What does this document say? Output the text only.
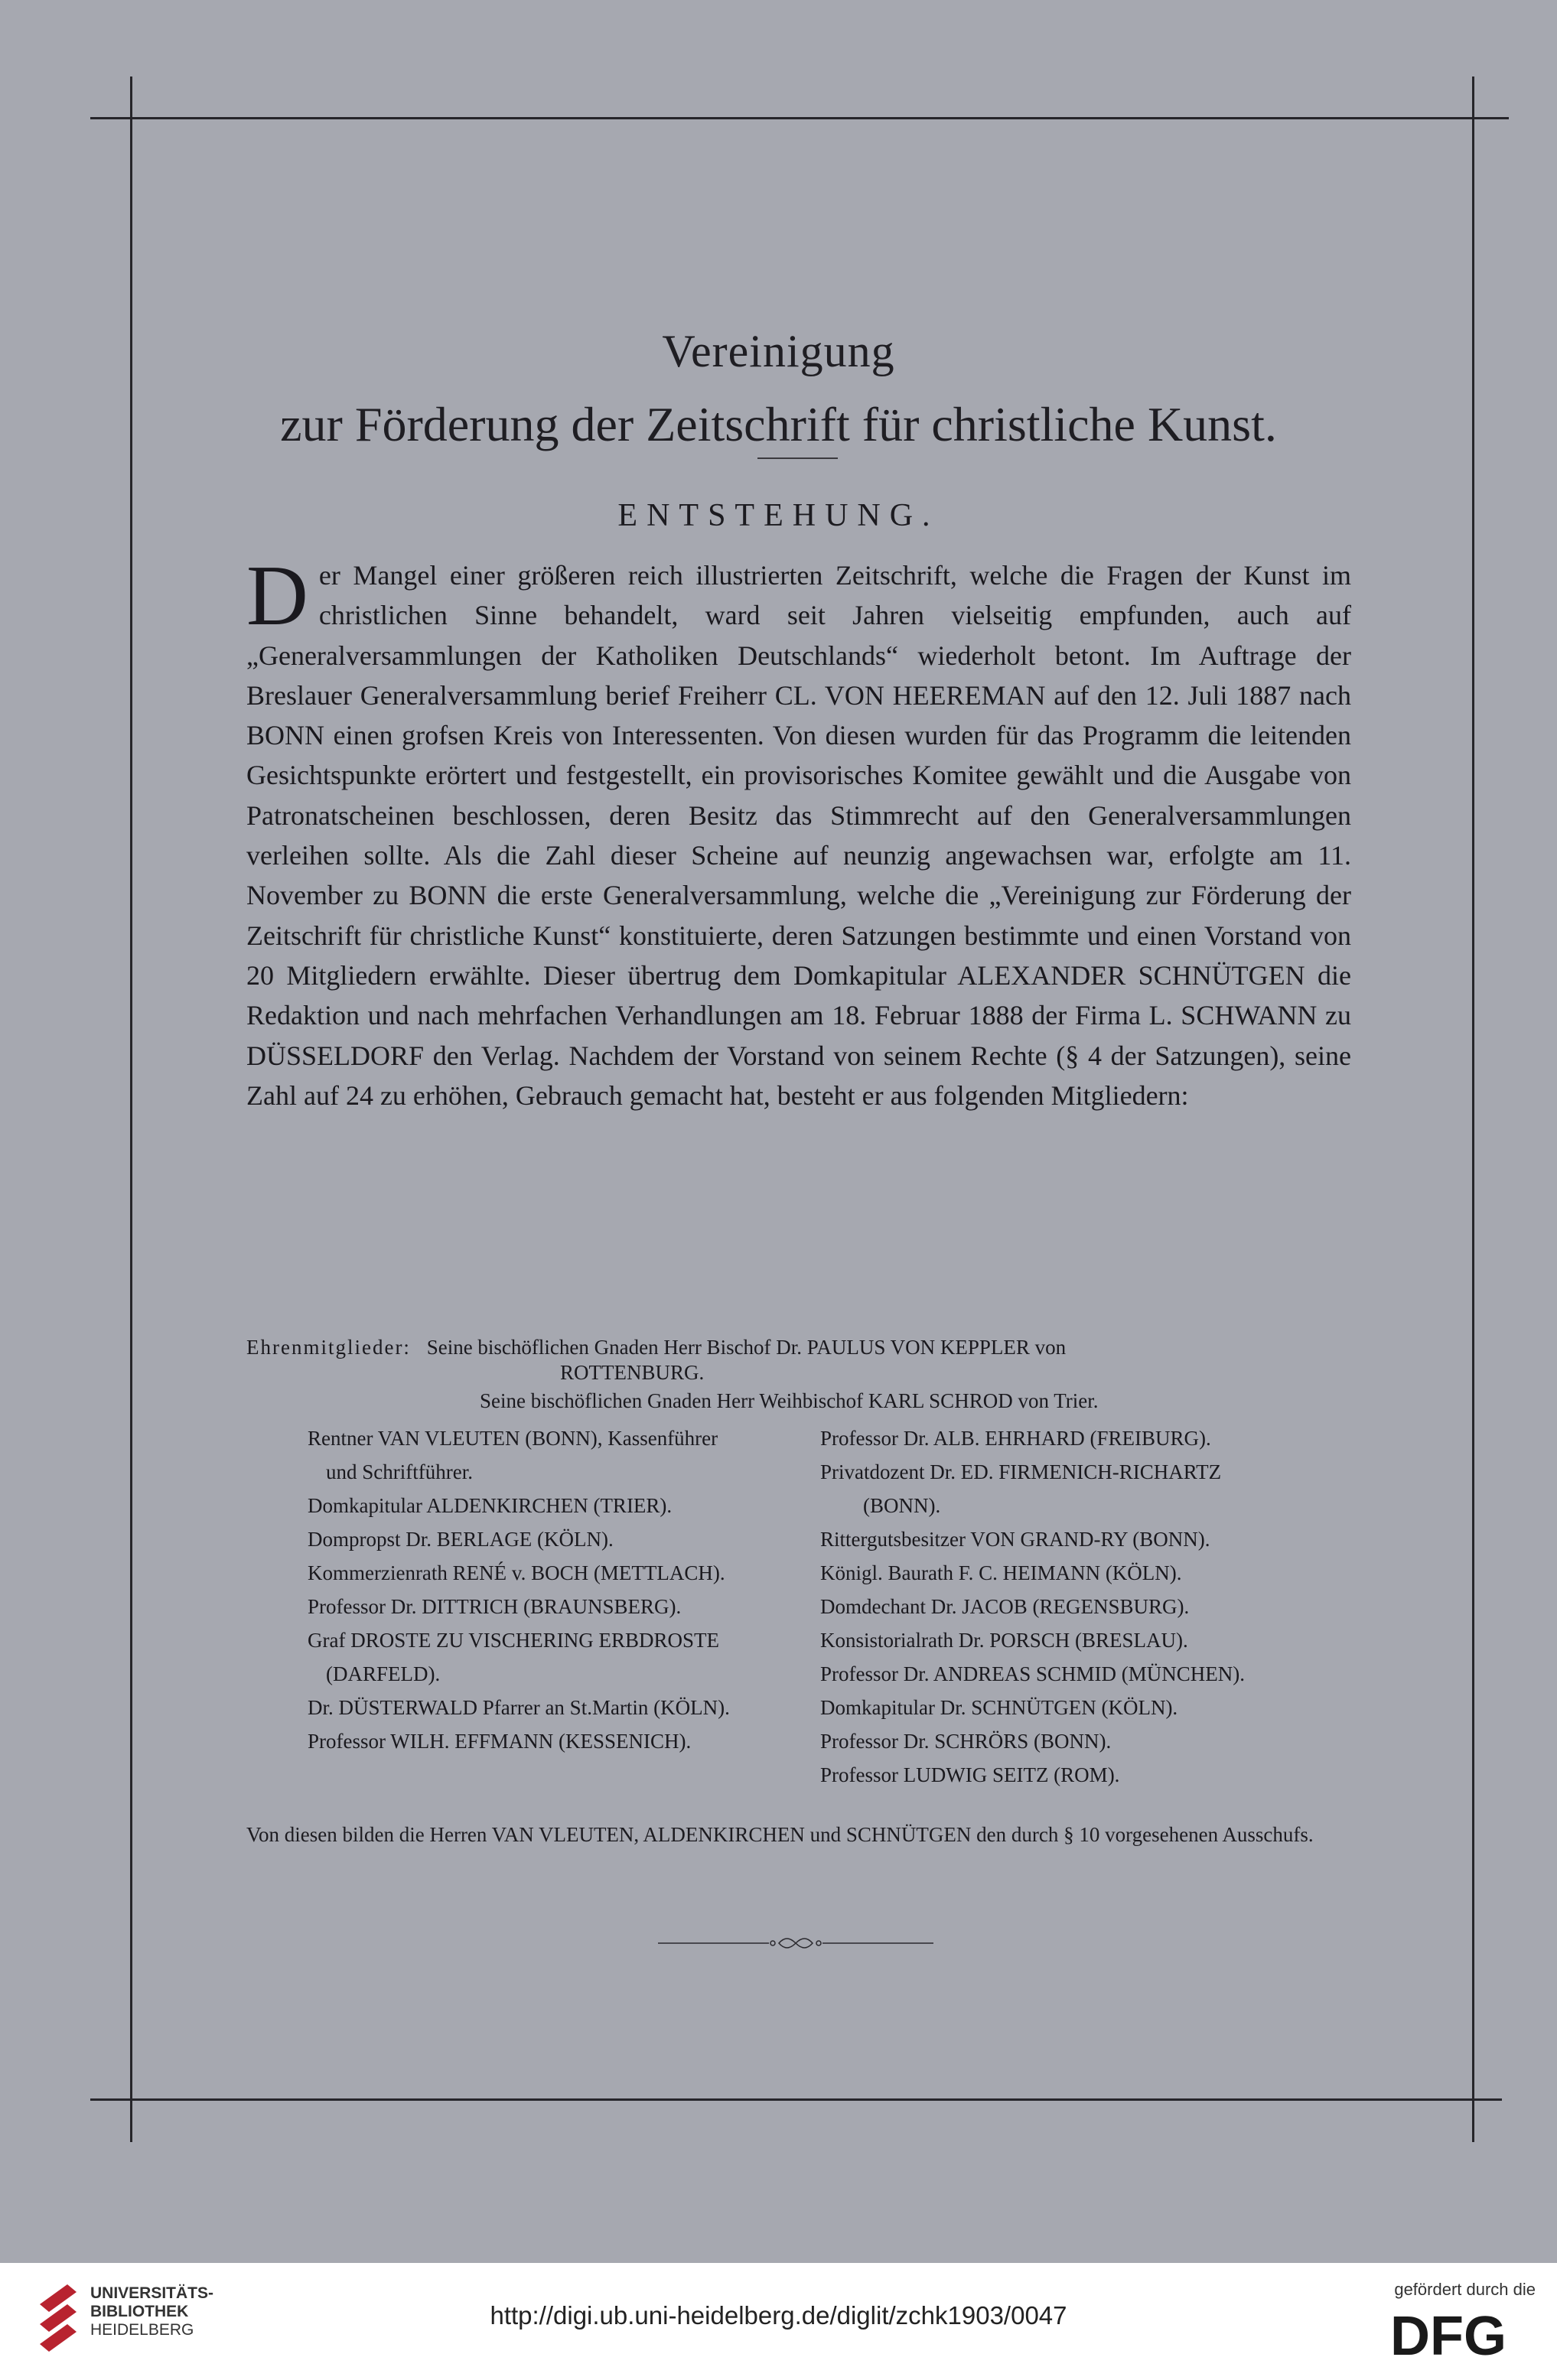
Vereinigung
zur Förderung der Zeitschrift für christliche Kunst.
ENTSTEHUNG.
Der Mangel einer größeren reich illustrierten Zeitschrift, welche die Fragen der Kunst im christlichen Sinne behandelt, ward seit Jahren vielseitig empfunden, auch auf „Generalversammlungen der Katholiken Deutschlands“ wiederholt betont. Im Auftrage der Breslauer Generalversammlung berief Freiherr CL. VON HEEREMAN auf den 12. Juli 1887 nach BONN einen grofsen Kreis von Interessenten. Von diesen wurden für das Programm die leitenden Gesichtspunkte erörtert und festgestellt, ein provisorisches Komitee gewählt und die Ausgabe von Patronatscheinen beschlossen, deren Besitz das Stimmrecht auf den Generalversammlungen verleihen sollte. Als die Zahl dieser Scheine auf neunzig angewachsen war, erfolgte am 11. November zu BONN die erste Generalversammlung, welche die „Vereinigung zur Förderung der Zeitschrift für christliche Kunst“ konstituierte, deren Satzungen bestimmte und einen Vorstand von 20 Mitgliedern erwählte. Dieser übertrug dem Domkapitular ALEXANDER SCHNÜTGEN die Redaktion und nach mehrfachen Verhandlungen am 18. Februar 1888 der Firma L. SCHWANN zu DÜSSELDORF den Verlag. Nachdem der Vorstand von seinem Rechte (§ 4 der Satzungen), seine Zahl auf 24 zu erhöhen, Gebrauch gemacht hat, besteht er aus folgenden Mitgliedern:
Ehrenmitglieder: Seine bischöflichen Gnaden Herr Bischof Dr. PAULUS VON KEPPLER von
ROTTENBURG.
Seine bischöflichen Gnaden Herr Weihbischof KARL SCHROD von Trier.
Rentner VAN VLEUTEN (BONN), Kassenführer
und Schriftführer.
Domkapitular ALDENKIRCHEN (TRIER).
Dompropst Dr. BERLAGE (KÖLN).
Kommerzienrath RENÉ v. BOCH (METTLACH).
Professor Dr. DITTRICH (BRAUNSBERG).
Graf DROSTE ZU VISCHERING ERBDROSTE
(DARFELD).
Dr. DÜSTERWALD Pfarrer an St.Martin (KÖLN).
Professor WILH. EFFMANN (KESSENICH).
Professor Dr. ALB. EHRHARD (FREIBURG).
Privatdozent Dr. ED. FIRMENICH-RICHARTZ
(BONN).
Rittergutsbesitzer VON GRAND-RY (BONN).
Königl. Baurath F. C. HEIMANN (KÖLN).
Domdechant Dr. JACOB (REGENSBURG).
Konsistorialrath Dr. PORSCH (BRESLAU).
Professor Dr. ANDREAS SCHMID (MÜNCHEN).
Domkapitular Dr. SCHNÜTGEN (KÖLN).
Professor Dr. SCHRÖRS (BONN).
Professor LUDWIG SEITZ (ROM).
Von diesen bilden die Herren VAN VLEUTEN, ALDENKIRCHEN und SCHNÜTGEN den durch § 10 vorgesehenen Ausschufs.
UNIVERSITÄTS-
BIBLIOTHEK
HEIDELBERG
http://digi.ub.uni-heidelberg.de/diglit/zchk1903/0047
gefördert durch die
DFG
